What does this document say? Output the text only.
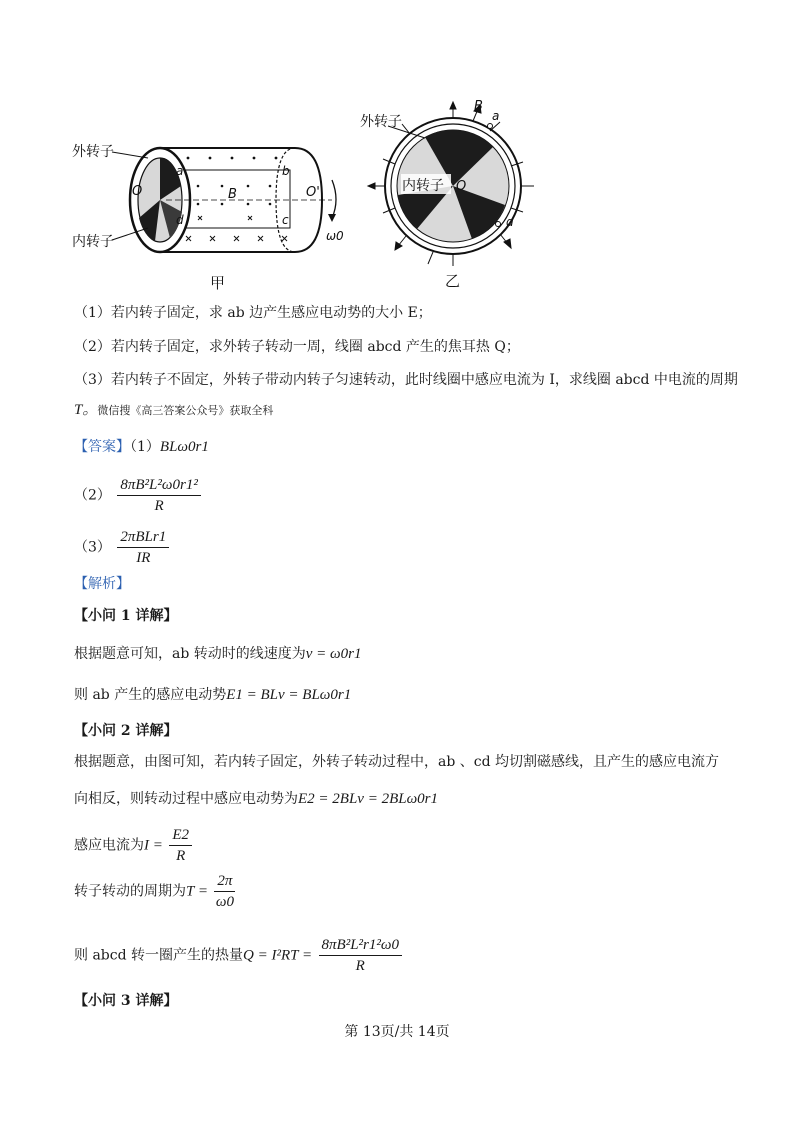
外转子
内转子
O	O'
B
a	b
c
d
ω0
甲
外转子
内转子 O
B
a
d
乙
（1）若内转子固定，求 ab 边产生感应电动势的大小 E；
（2）若内转子固定，求外转子转动一周，线圈 abcd 产生的焦耳热 Q；
（3）若内转子不固定，外转子带动内转子匀速转动，此时线圈中感应电流为 I，求线圈 abcd 中电流的周期
T。微信搜《高三答案公众号》获取全科
【答案】（1）BLω0r1
$(2) \frac{\text{8πB²L²ω0r1²}}{R}$
$(3) \frac{\text{2πBLr1}}{IR}$
【解析】
【小问 1 详解】
根据题意可知，ab 转动时的线速度为v = ω0r1
则 ab 产生的感应电动势E1 = BLv = BLω0r1
【小问 2 详解】
根据题意，由图可知，若内转子固定，外转子转动过程中，ab 、cd 均切割磁感线，且产生的感应电流方
向相反，则转动过程中感应电动势为E2 = 2BLv = 2BLω0r1
感应电流为$I = \frac{E2}{R}$
转子转动的周期为$T = \frac{2\pi}{\omega 0}$
则 abcd 转一圈产生的热量$Q = I^2RT = \frac{\text{8πB²L²r1²ω0}}{R}$
【小问 3 详解】
第 13页/共 14页
